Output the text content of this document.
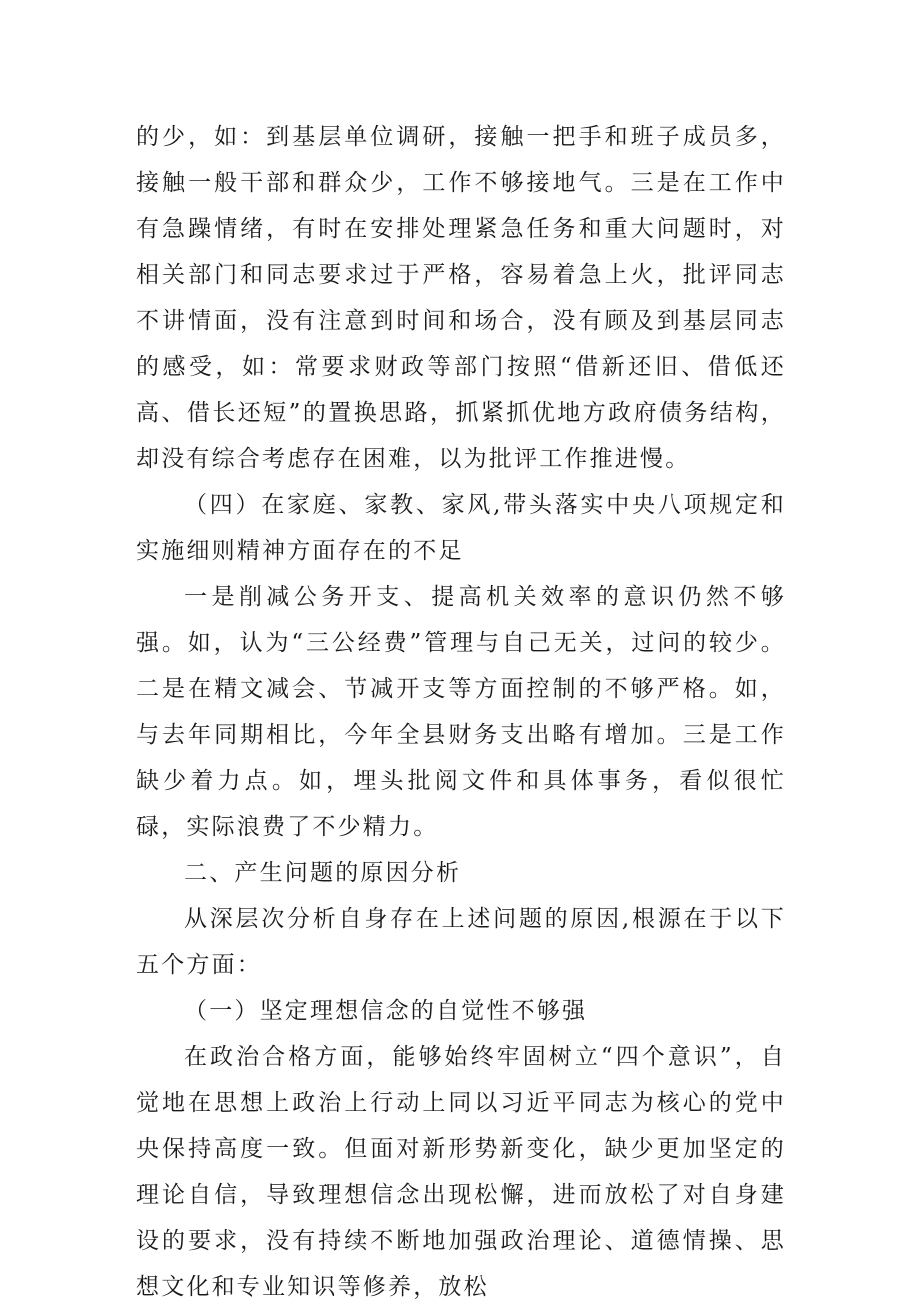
的少，如：到基层单位调研，接触一把手和班子成员多，接触一般干部和群众少，工作不够接地气。三是在工作中有急躁情绪，有时在安排处理紧急任务和重大问题时，对相关部门和同志要求过于严格，容易着急上火，批评同志不讲情面，没有注意到时间和场合，没有顾及到基层同志的感受，如：常要求财政等部门按照“借新还旧、借低还高、借长还短”的置换思路，抓紧抓优地方政府债务结构，却没有综合考虑存在困难，以为批评工作推进慢。

（四）在家庭、家教、家风,带头落实中央八项规定和实施细则精神方面存在的不足

一是削减公务开支、提高机关效率的意识仍然不够强。如，认为“三公经费”管理与自己无关，过问的较少。二是在精文减会、节减开支等方面控制的不够严格。如，与去年同期相比，今年全县财务支出略有增加。三是工作缺少着力点。如，埋头批阅文件和具体事务，看似很忙碌，实际浪费了不少精力。

二、产生问题的原因分析

从深层次分析自身存在上述问题的原因,根源在于以下五个方面：

（一）坚定理想信念的自觉性不够强

在政治合格方面，能够始终牢固树立“四个意识”，自觉地在思想上政治上行动上同以习近平同志为核心的党中央保持高度一致。但面对新形势新变化，缺少更加坚定的理论自信，导致理想信念出现松懈，进而放松了对自身建设的要求，没有持续不断地加强政治理论、道德情操、思想文化和专业知识等修养，放松
